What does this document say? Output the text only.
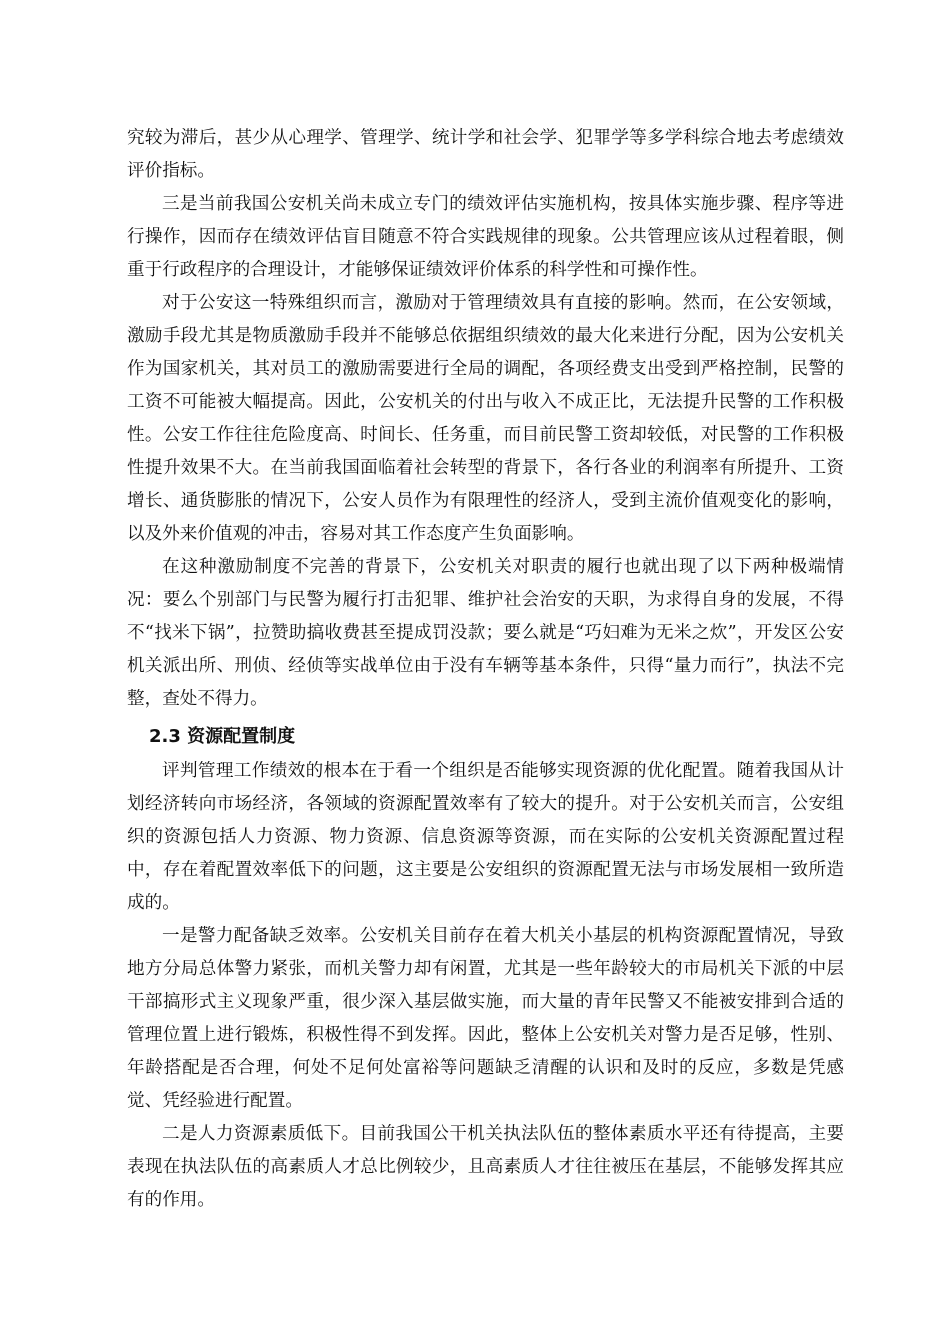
究较为滞后，甚少从心理学、管理学、统计学和社会学、犯罪学等多学科综合地去考虑绩效评价指标。

三是当前我国公安机关尚未成立专门的绩效评估实施机构，按具体实施步骤、程序等进行操作，因而存在绩效评估盲目随意不符合实践规律的现象。公共管理应该从过程着眼，侧重于行政程序的合理设计，才能够保证绩效评价体系的科学性和可操作性。

对于公安这一特殊组织而言，激励对于管理绩效具有直接的影响。然而，在公安领域，激励手段尤其是物质激励手段并不能够总依据组织绩效的最大化来进行分配，因为公安机关作为国家机关，其对员工的激励需要进行全局的调配，各项经费支出受到严格控制，民警的工资不可能被大幅提高。因此，公安机关的付出与收入不成正比，无法提升民警的工作积极性。公安工作往往危险度高、时间长、任务重，而目前民警工资却较低，对民警的工作积极性提升效果不大。在当前我国面临着社会转型的背景下，各行各业的利润率有所提升、工资增长、通货膨胀的情况下，公安人员作为有限理性的经济人，受到主流价值观变化的影响，以及外来价值观的冲击，容易对其工作态度产生负面影响。

在这种激励制度不完善的背景下，公安机关对职责的履行也就出现了以下两种极端情况：要么个别部门与民警为履行打击犯罪、维护社会治安的天职，为求得自身的发展，不得不“找米下锅”，拉赞助搞收费甚至提成罚没款；要么就是“巧妇难为无米之炊”，开发区公安机关派出所、刑侦、经侦等实战单位由于没有车辆等基本条件，只得“量力而行”，执法不完整，查处不得力。

2.3 资源配置制度

评判管理工作绩效的根本在于看一个组织是否能够实现资源的优化配置。随着我国从计划经济转向市场经济，各领域的资源配置效率有了较大的提升。对于公安机关而言，公安组织的资源包括人力资源、物力资源、信息资源等资源，而在实际的公安机关资源配置过程中，存在着配置效率低下的问题，这主要是公安组织的资源配置无法与市场发展相一致所造成的。

一是警力配备缺乏效率。公安机关目前存在着大机关小基层的机构资源配置情况，导致地方分局总体警力紧张，而机关警力却有闲置，尤其是一些年龄较大的市局机关下派的中层干部搞形式主义现象严重，很少深入基层做实施，而大量的青年民警又不能被安排到合适的管理位置上进行锻炼，积极性得不到发挥。因此，整体上公安机关对警力是否足够，性别、年龄搭配是否合理，何处不足何处富裕等问题缺乏清醒的认识和及时的反应，多数是凭感觉、凭经验进行配置。

二是人力资源素质低下。目前我国公干机关执法队伍的整体素质水平还有待提高，主要表现在执法队伍的高素质人才总比例较少，且高素质人才往往被压在基层，不能够发挥其应有的作用。
